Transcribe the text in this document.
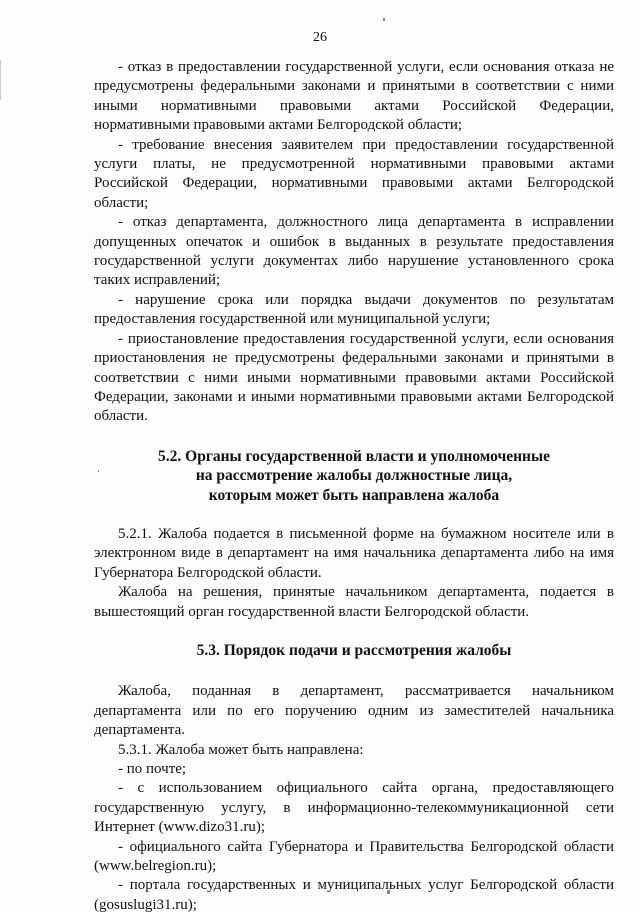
26

- отказ в предоставлении государственной услуги, если основания отказа не предусмотрены федеральными законами и принятыми в соответствии с ними иными нормативными правовыми актами Российской Федерации, нормативными правовыми актами Белгородской области;

- требование внесения заявителем при предоставлении государственной услуги платы, не предусмотренной нормативными правовыми актами Российской Федерации, нормативными правовыми актами Белгородской области;

- отказ департамента, должностного лица департамента в исправлении допущенных опечаток и ошибок в выданных в результате предоставления государственной услуги документах либо нарушение установленного срока таких исправлений;

- нарушение срока или порядка выдачи документов по результатам предоставления государственной или муниципальной услуги;

- приостановление предоставления государственной услуги, если основания приостановления не предусмотрены федеральными законами и принятыми в соответствии с ними иными нормативными правовыми актами Российской Федерации, законами и иными нормативными правовыми актами Белгородской области.

5.2. Органы государственной власти и уполномоченные

на рассмотрение жалобы должностные лица,

которым может быть направлена жалоба

5.2.1. Жалоба подается в письменной форме на бумажном носителе или в электронном виде в департамент на имя начальника департамента либо на имя Губернатора Белгородской области.

Жалоба на решения, принятые начальником департамента, подается в вышестоящий орган государственной власти Белгородской области.

5.3. Порядок подачи и рассмотрения жалобы

Жалоба, поданная в департамент, рассматривается начальником департамента или по его поручению одним из заместителей начальника департамента.

5.3.1. Жалоба может быть направлена:

- по почте;

- с использованием официального сайта органа, предоставляющего государственную услугу, в информационно-телекоммуникационной сети Интернет (www.dizo31.ru);

- официального сайта Губернатора и Правительства Белгородской области (www.belregion.ru);

- портала государственных и муниципальных услуг Белгородской области (gosuslugi31.ru);
